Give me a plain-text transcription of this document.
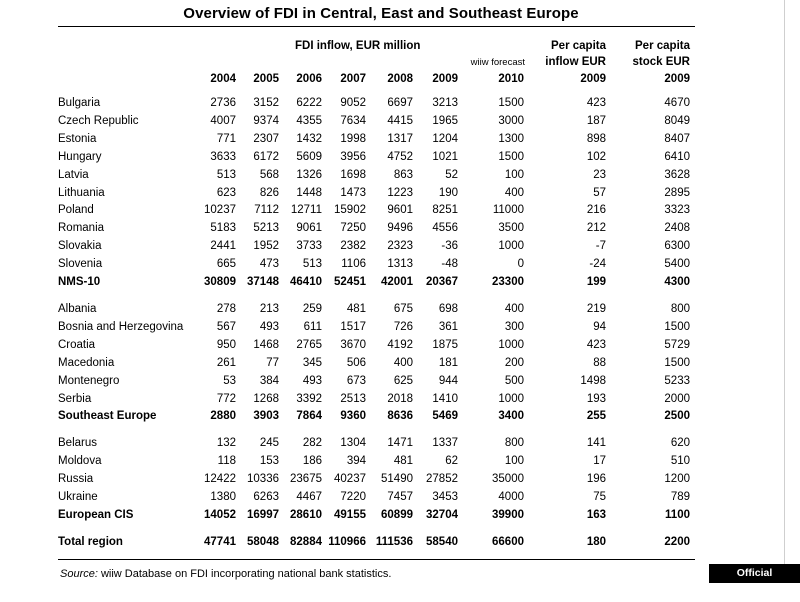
Overview of FDI in Central, East and Southeast Europe
FDI inflow, EUR million
wiiw forecast
Per capita
inflow EUR
Per capita
stock EUR
2004	2005	2006	2007	2008	2009	2010	2009	2009
Bulgaria	2736	3152	6222	9052	6697	3213	1500	423	4670
Czech Republic	4007	9374	4355	7634	4415	1965	3000	187	8049
Estonia	771	2307	1432	1998	1317	1204	1300	898	8407
Hungary	3633	6172	5609	3956	4752	1021	1500	102	6410
Latvia	513	568	1326	1698	863	52	100	23	3628
Lithuania	623	826	1448	1473	1223	190	400	57	2895
Poland	10237	7112	12711	15902	9601	8251	11000	216	3323
Romania	5183	5213	9061	7250	9496	4556	3500	212	2408
Slovakia	2441	1952	3733	2382	2323	-36	1000	-7	6300
Slovenia	665	473	513	1106	1313	-48	0	-24	5400
NMS-10	30809	37148	46410	52451	42001	20367	23300	199	4300

Albania	278	213	259	481	675	698	400	219	800
Bosnia and Herzegovina	567	493	611	1517	726	361	300	94	1500
Croatia	950	1468	2765	3670	4192	1875	1000	423	5729
Macedonia	261	77	345	506	400	181	200	88	1500
Montenegro	53	384	493	673	625	944	500	1498	5233
Serbia	772	1268	3392	2513	2018	1410	1000	193	2000
Southeast Europe	2880	3903	7864	9360	8636	5469	3400	255	2500

Belarus	132	245	282	1304	1471	1337	800	141	620
Moldova	118	153	186	394	481	62	100	17	510
Russia	12422	10336	23675	40237	51490	27852	35000	196	1200
Ukraine	1380	6263	4467	7220	7457	3453	4000	75	789
European CIS	14052	16997	28610	49155	60899	32704	39900	163	1100

Total region	47741	58048	82884	110966	111536	58540	66600	180	2200
Source: wiiw Database on FDI incorporating national bank statistics.	Official publication
